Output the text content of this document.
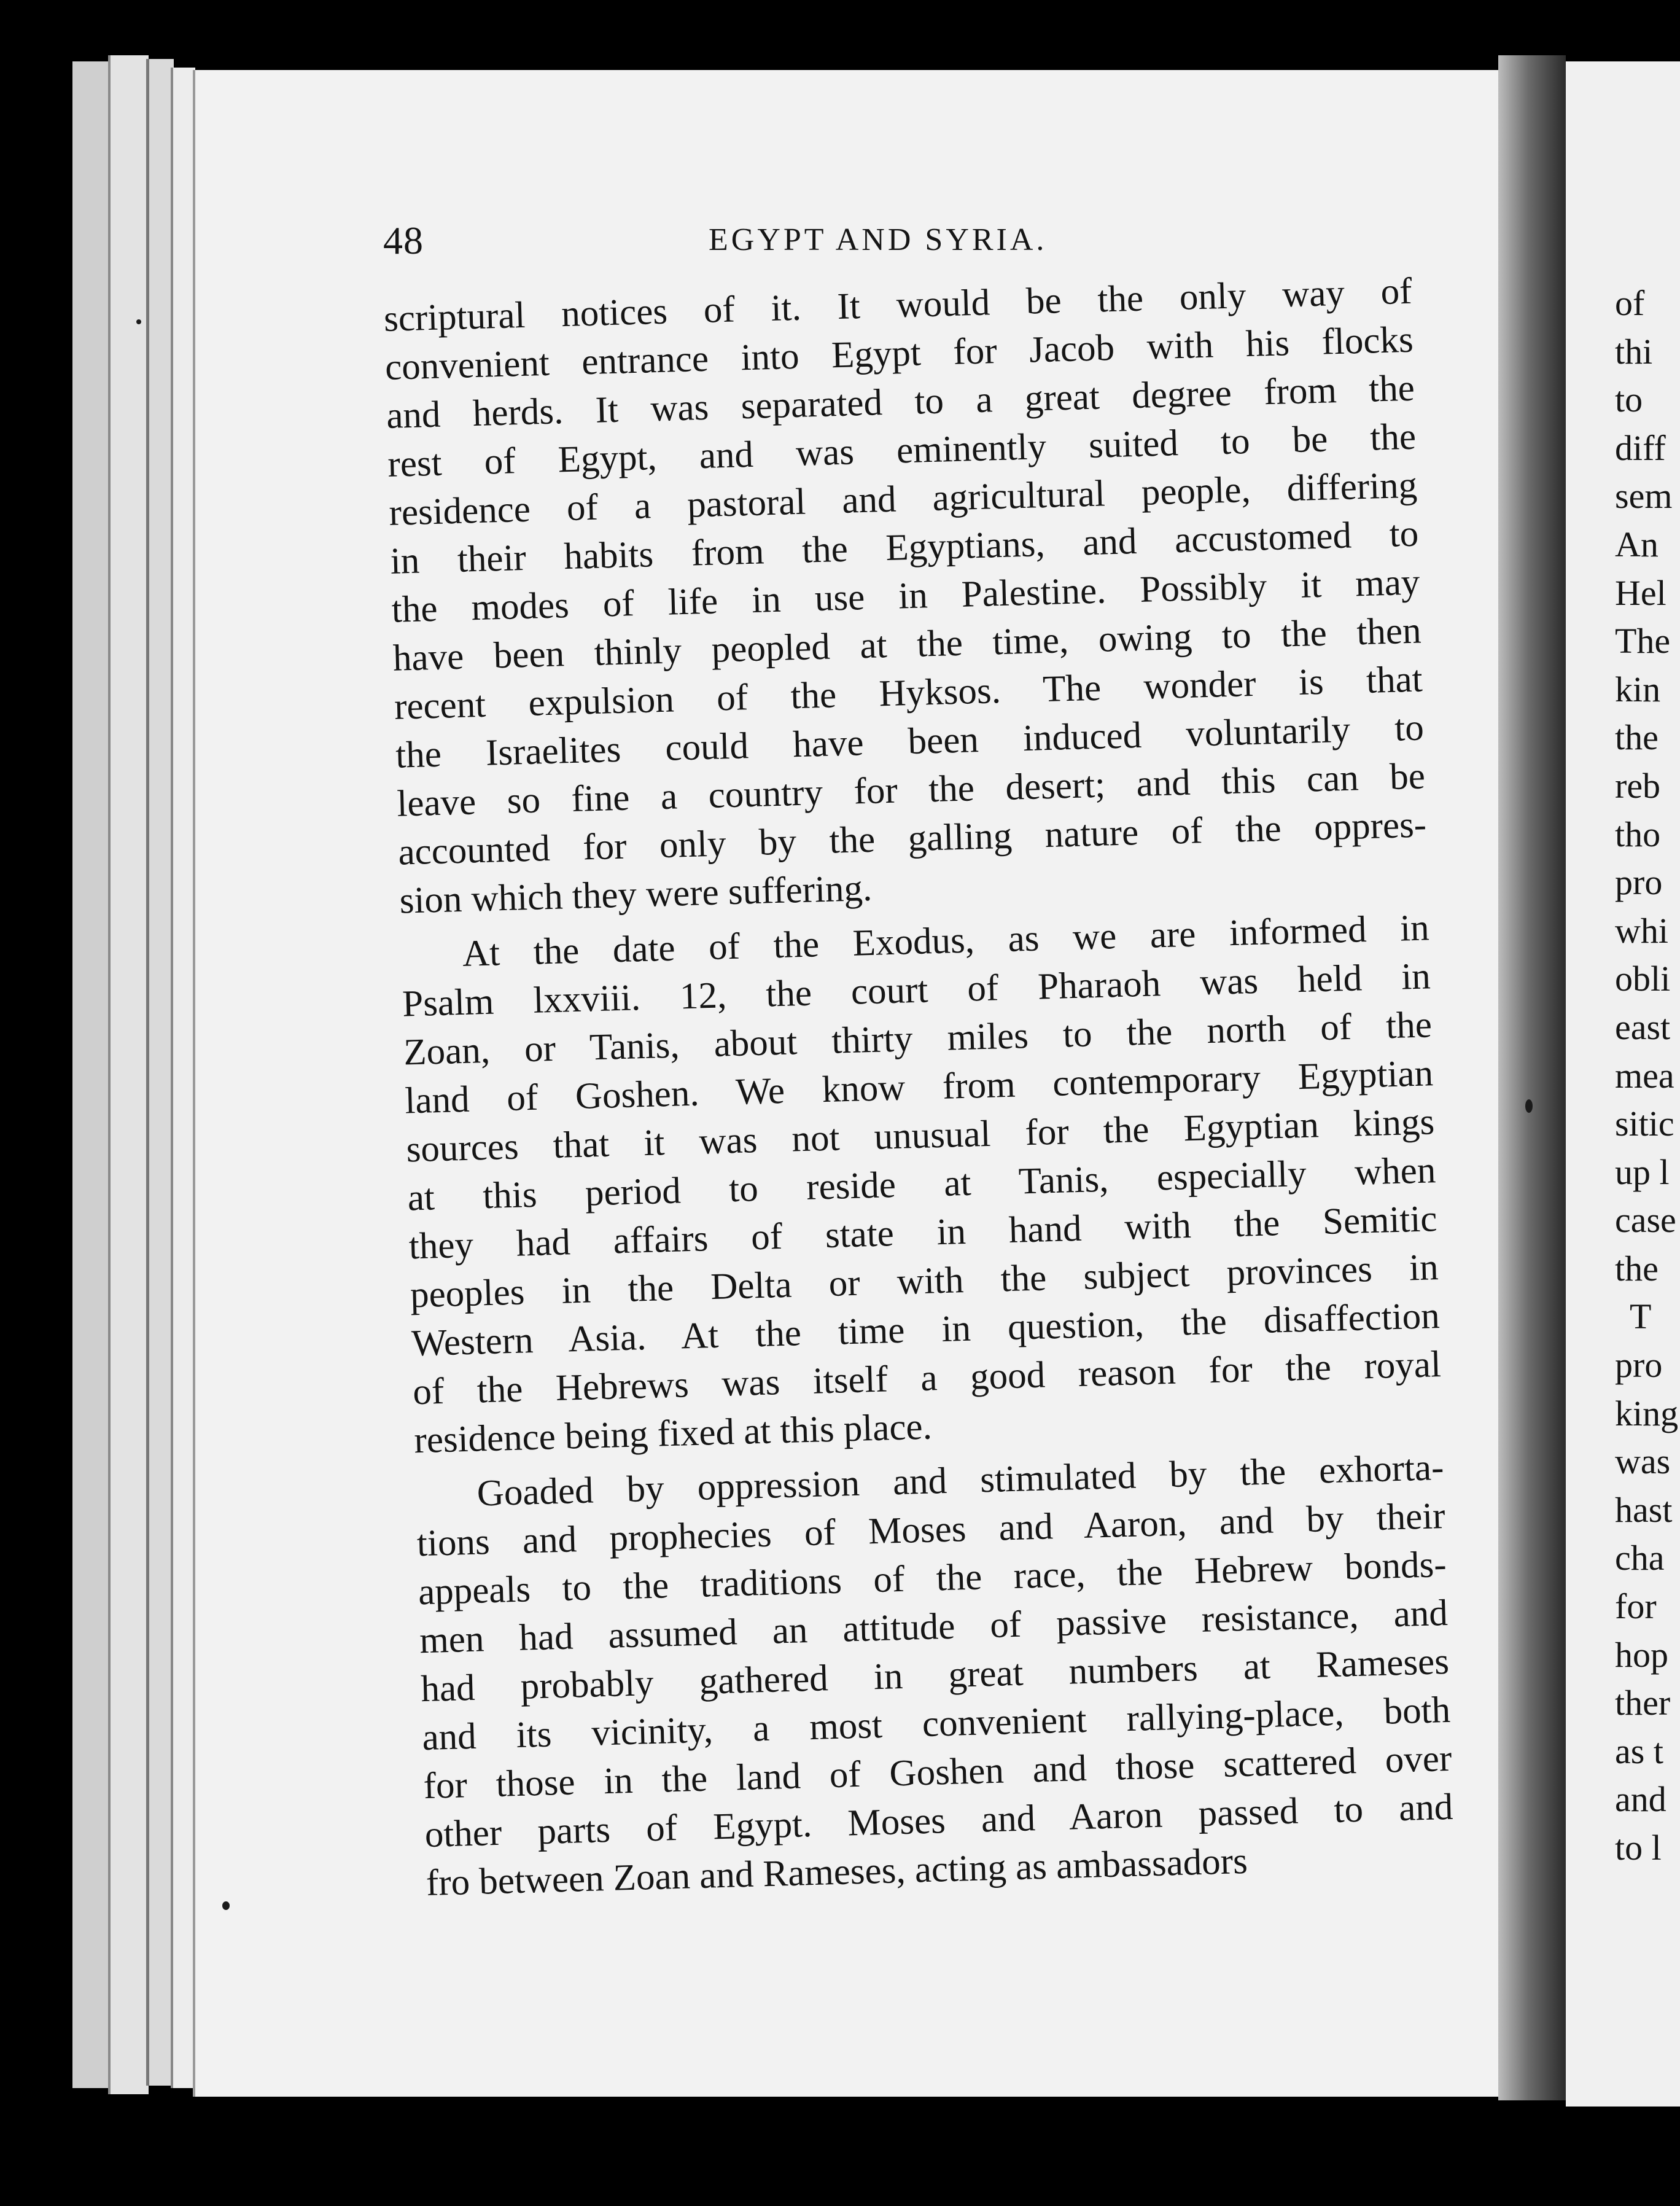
48	EGYPT AND SYRIA.
scriptural notices of it. It would be the only way of
convenient entrance into Egypt for Jacob with his flocks
and herds. It was separated to a great degree from the
rest of Egypt, and was eminently suited to be the
residence of a pastoral and agricultural people, differing
in their habits from the Egyptians, and accustomed to
the modes of life in use in Palestine. Possibly it may
have been thinly peopled at the time, owing to the then
recent expulsion of the Hyksos. The wonder is that
the Israelites could have been induced voluntarily to
leave so fine a country for the desert; and this can be
accounted for only by the galling nature of the oppres-
sion which they were suffering.
At the date of the Exodus, as we are informed in
Psalm lxxviii. 12, the court of Pharaoh was held in
Zoan, or Tanis, about thirty miles to the north of the
land of Goshen. We know from contemporary Egyptian
sources that it was not unusual for the Egyptian kings
at this period to reside at Tanis, especially when
they had affairs of state in hand with the Semitic
peoples in the Delta or with the subject provinces in
Western Asia. At the time in question, the disaffection
of the Hebrews was itself a good reason for the royal
residence being fixed at this place.
Goaded by oppression and stimulated by the exhorta-
tions and prophecies of Moses and Aaron, and by their
appeals to the traditions of the race, the Hebrew bonds-
men had assumed an attitude of passive resistance, and
had probably gathered in great numbers at Rameses
and its vicinity, a most convenient rallying-place, both
for those in the land of Goshen and those scattered over
other parts of Egypt. Moses and Aaron passed to and
fro between Zoan and Rameses, acting as ambassadors
of
thi
to
diff
sem
An
Hel
The
kin
the
reb
tho
pro
whi
obli
east
mea
sitic
up l
case
the
T
pro
king
was
hast
cha
for
hop
ther
as t
and
to l
